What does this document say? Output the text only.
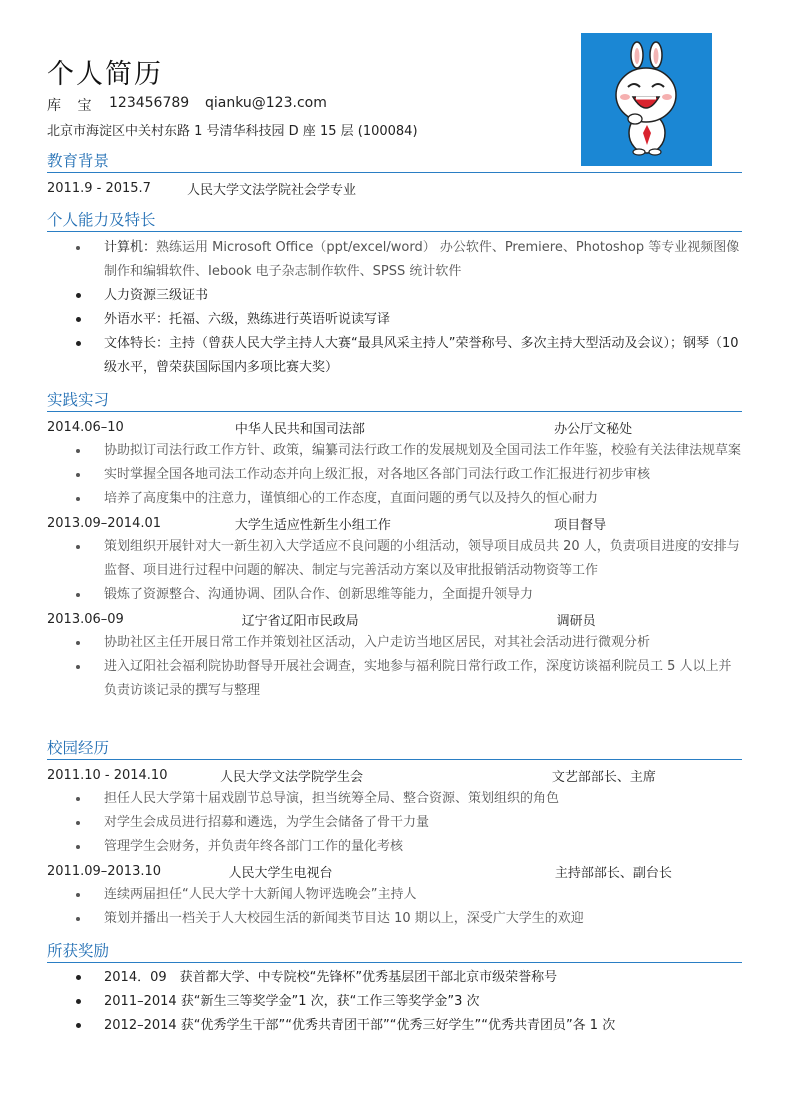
个人简历
库 宝 123456789	qianku@123.com
北京市海淀区中关村东路 1 号清华科技园 D 座 15 层 (100084)
教育背景
2011.9 - 2015.7	人民大学文法学院社会学专业
个人能力及特长
计算机：熟练运用 Microsoft Office（ppt/excel/word） 办公软件、Premiere、Photoshop 等专业视频图像制作和编辑软件、Iebook 电子杂志制作软件、SPSS 统计软件
人力资源三级证书
外语水平：托福、六级，熟练进行英语听说读写译
文体特长：主持（曾获人民大学主持人大赛“最具风采主持人”荣誉称号、多次主持大型活动及会议）；钢琴（10 级水平，曾荣获国际国内多项比赛大奖）
实践实习
2014.06–10	中华人民共和国司法部	办公厅文秘处
协助拟订司法行政工作方针、政策，编纂司法行政工作的发展规划及全国司法工作年鉴，校验有关法律法规草案
实时掌握全国各地司法工作动态并向上级汇报，对各地区各部门司法行政工作汇报进行初步审核
培养了高度集中的注意力，谨慎细心的工作态度，直面问题的勇气以及持久的恒心耐力
2013.09–2014.01	大学生适应性新生小组工作	项目督导
策划组织开展针对大一新生初入大学适应不良问题的小组活动，领导项目成员共 20 人，负责项目进度的安排与监督、项目进行过程中问题的解决、制定与完善活动方案以及审批报销活动物资等工作
锻炼了资源整合、沟通协调、团队合作、创新思维等能力，全面提升领导力
2013.06–09	辽宁省辽阳市民政局	调研员
协助社区主任开展日常工作并策划社区活动，入户走访当地区居民，对其社会活动进行微观分析
进入辽阳社会福利院协助督导开展社会调查，实地参与福利院日常行政工作，深度访谈福利院员工 5 人以上并负责访谈记录的撰写与整理
校园经历
2011.10 - 2014.10	人民大学文法学院学生会	文艺部部长、主席
担任人民大学第十届戏剧节总导演，担当统筹全局、整合资源、策划组织的角色
对学生会成员进行招募和遴选，为学生会储备了骨干力量
管理学生会财务，并负责年终各部门工作的量化考核
2011.09–2013.10	人民大学生电视台	主持部部长、副台长
连续两届担任“人民大学十大新闻人物评选晚会”主持人
策划并播出一档关于人大校园生活的新闻类节目达 10 期以上，深受广大学生的欢迎
所获奖励
2014．09　获首都大学、中专院校“先锋杯”优秀基层团干部北京市级荣誉称号
2011–2014 获“新生三等奖学金”1 次，获“工作三等奖学金”3 次
2012–2014 获“优秀学生干部”“优秀共青团干部”“优秀三好学生”“优秀共青团员”各 1 次
